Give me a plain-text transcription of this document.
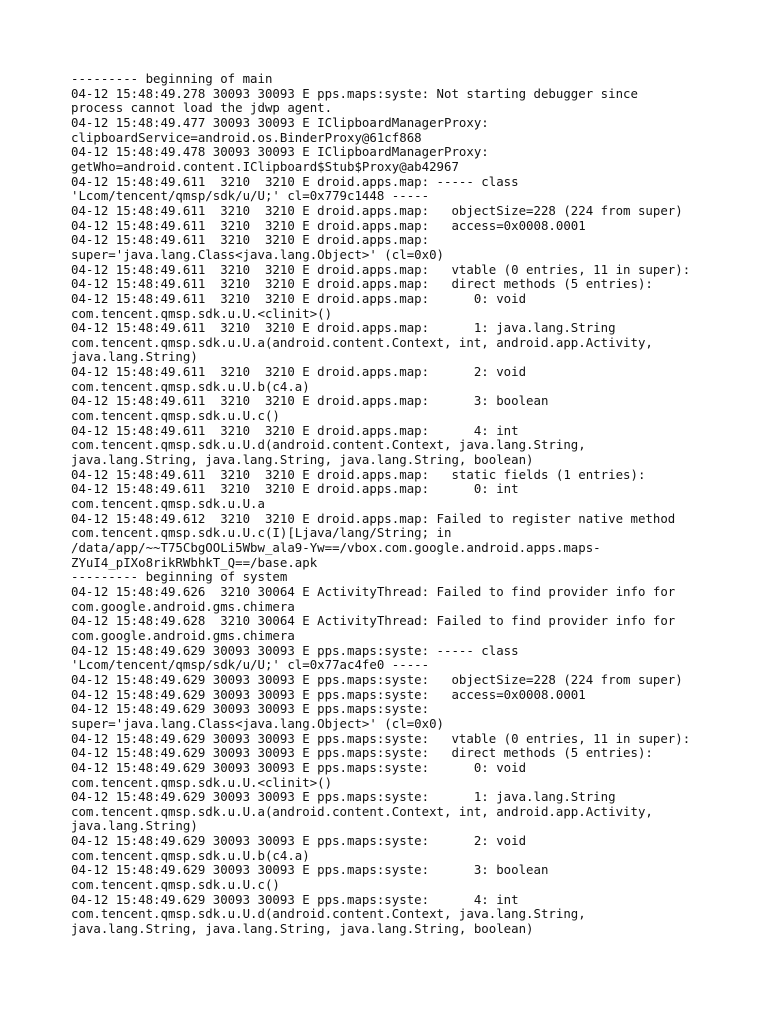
--------- beginning of main
04-12 15:48:49.278 30093 30093 E pps.maps:syste: Not starting debugger since
process cannot load the jdwp agent.
04-12 15:48:49.477 30093 30093 E IClipboardManagerProxy:
clipboardService=android.os.BinderProxy@61cf868
04-12 15:48:49.478 30093 30093 E IClipboardManagerProxy:
getWho=android.content.IClipboard$Stub$Proxy@ab42967
04-12 15:48:49.611  3210  3210 E droid.apps.map: ----- class
'Lcom/tencent/qmsp/sdk/u/U;' cl=0x779c1448 -----
04-12 15:48:49.611  3210  3210 E droid.apps.map:   objectSize=228 (224 from super)
04-12 15:48:49.611  3210  3210 E droid.apps.map:   access=0x0008.0001
04-12 15:48:49.611  3210  3210 E droid.apps.map:
super='java.lang.Class<java.lang.Object>' (cl=0x0)
04-12 15:48:49.611  3210  3210 E droid.apps.map:   vtable (0 entries, 11 in super):
04-12 15:48:49.611  3210  3210 E droid.apps.map:   direct methods (5 entries):
04-12 15:48:49.611  3210  3210 E droid.apps.map:      0: void
com.tencent.qmsp.sdk.u.U.<clinit>()
04-12 15:48:49.611  3210  3210 E droid.apps.map:      1: java.lang.String
com.tencent.qmsp.sdk.u.U.a(android.content.Context, int, android.app.Activity,
java.lang.String)
04-12 15:48:49.611  3210  3210 E droid.apps.map:      2: void
com.tencent.qmsp.sdk.u.U.b(c4.a)
04-12 15:48:49.611  3210  3210 E droid.apps.map:      3: boolean
com.tencent.qmsp.sdk.u.U.c()
04-12 15:48:49.611  3210  3210 E droid.apps.map:      4: int
com.tencent.qmsp.sdk.u.U.d(android.content.Context, java.lang.String,
java.lang.String, java.lang.String, java.lang.String, boolean)
04-12 15:48:49.611  3210  3210 E droid.apps.map:   static fields (1 entries):
04-12 15:48:49.611  3210  3210 E droid.apps.map:      0: int
com.tencent.qmsp.sdk.u.U.a
04-12 15:48:49.612  3210  3210 E droid.apps.map: Failed to register native method
com.tencent.qmsp.sdk.u.U.c(I)[Ljava/lang/String; in
/data/app/~~T75CbgOOLi5Wbw_ala9-Yw==/vbox.com.google.android.apps.maps-
ZYuI4_pIXo8rikRWbhkT_Q==/base.apk
--------- beginning of system
04-12 15:48:49.626  3210 30064 E ActivityThread: Failed to find provider info for
com.google.android.gms.chimera
04-12 15:48:49.628  3210 30064 E ActivityThread: Failed to find provider info for
com.google.android.gms.chimera
04-12 15:48:49.629 30093 30093 E pps.maps:syste: ----- class
'Lcom/tencent/qmsp/sdk/u/U;' cl=0x77ac4fe0 -----
04-12 15:48:49.629 30093 30093 E pps.maps:syste:   objectSize=228 (224 from super)
04-12 15:48:49.629 30093 30093 E pps.maps:syste:   access=0x0008.0001
04-12 15:48:49.629 30093 30093 E pps.maps:syste:
super='java.lang.Class<java.lang.Object>' (cl=0x0)
04-12 15:48:49.629 30093 30093 E pps.maps:syste:   vtable (0 entries, 11 in super):
04-12 15:48:49.629 30093 30093 E pps.maps:syste:   direct methods (5 entries):
04-12 15:48:49.629 30093 30093 E pps.maps:syste:      0: void
com.tencent.qmsp.sdk.u.U.<clinit>()
04-12 15:48:49.629 30093 30093 E pps.maps:syste:      1: java.lang.String
com.tencent.qmsp.sdk.u.U.a(android.content.Context, int, android.app.Activity,
java.lang.String)
04-12 15:48:49.629 30093 30093 E pps.maps:syste:      2: void
com.tencent.qmsp.sdk.u.U.b(c4.a)
04-12 15:48:49.629 30093 30093 E pps.maps:syste:      3: boolean
com.tencent.qmsp.sdk.u.U.c()
04-12 15:48:49.629 30093 30093 E pps.maps:syste:      4: int
com.tencent.qmsp.sdk.u.U.d(android.content.Context, java.lang.String,
java.lang.String, java.lang.String, java.lang.String, boolean)
